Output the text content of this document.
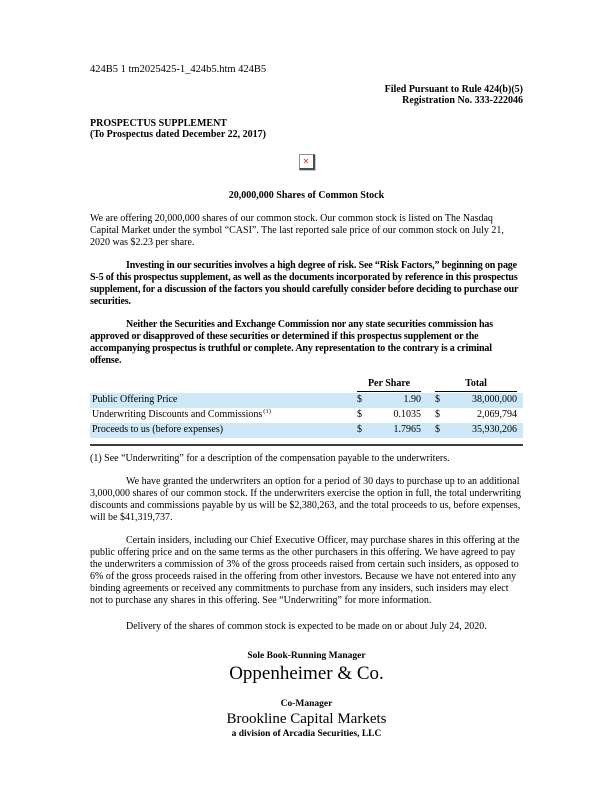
424B5 1 tm2025425-1_424b5.htm 424B5
Filed Pursuant to Rule 424(b)(5)
Registration No. 333-222046
PROSPECTUS SUPPLEMENT
(To Prospectus dated December 22, 2017)
✕
20,000,000 Shares of Common Stock

We are offering 20,000,000 shares of our common stock. Our common stock is listed on The Nasdaq Capital Market under the symbol “CASI”. The last reported sale price of our common stock on July 21, 2020 was $2.23 per share.

Investing in our securities involves a high degree of risk. See “Risk Factors,” beginning on page S-5 of this prospectus supplement, as well as the documents incorporated by reference in this prospectus supplement, for a discussion of the factors you should carefully consider before deciding to purchase our securities.

Neither the Securities and Exchange Commission nor any state securities commission has approved or disapproved of these securities or determined if this prospectus supplement or the accompanying prospectus is truthful or complete. Any representation to the contrary is a criminal offense.

Per Share	Total
Public Offering Price	$	1.90 $	38,000,000
Underwriting Discounts and Commissions$^{(1)}$	$	0.1035 $	2,069,794
Proceeds to us (before expenses)	$	1.7965 $	35,930,206

(1) See “Underwriting” for a description of the compensation payable to the underwriters.

We have granted the underwriters an option for a period of 30 days to purchase up to an additional 3,000,000 shares of our common stock. If the underwriters exercise the option in full, the total underwriting discounts and commissions payable by us will be $2,380,263, and the total proceeds to us, before expenses, will be $41,319,737.

Certain insiders, including our Chief Executive Officer, may purchase shares in this offering at the public offering price and on the same terms as the other purchasers in this offering. We have agreed to pay the underwriters a commission of 3% of the gross proceeds raised from certain such insiders, as opposed to 6% of the gross proceeds raised in the offering from other investors. Because we have not entered into any binding agreements or received any commitments to purchase from any insiders, such insiders may elect not to purchase any shares in this offering. See “Underwriting” for more information.

Delivery of the shares of common stock is expected to be made on or about July 24, 2020.

Sole Book-Running Manager
Oppenheimer & Co.
Co-Manager
Brookline Capital Markets
a division of Arcadia Securities, LLC
